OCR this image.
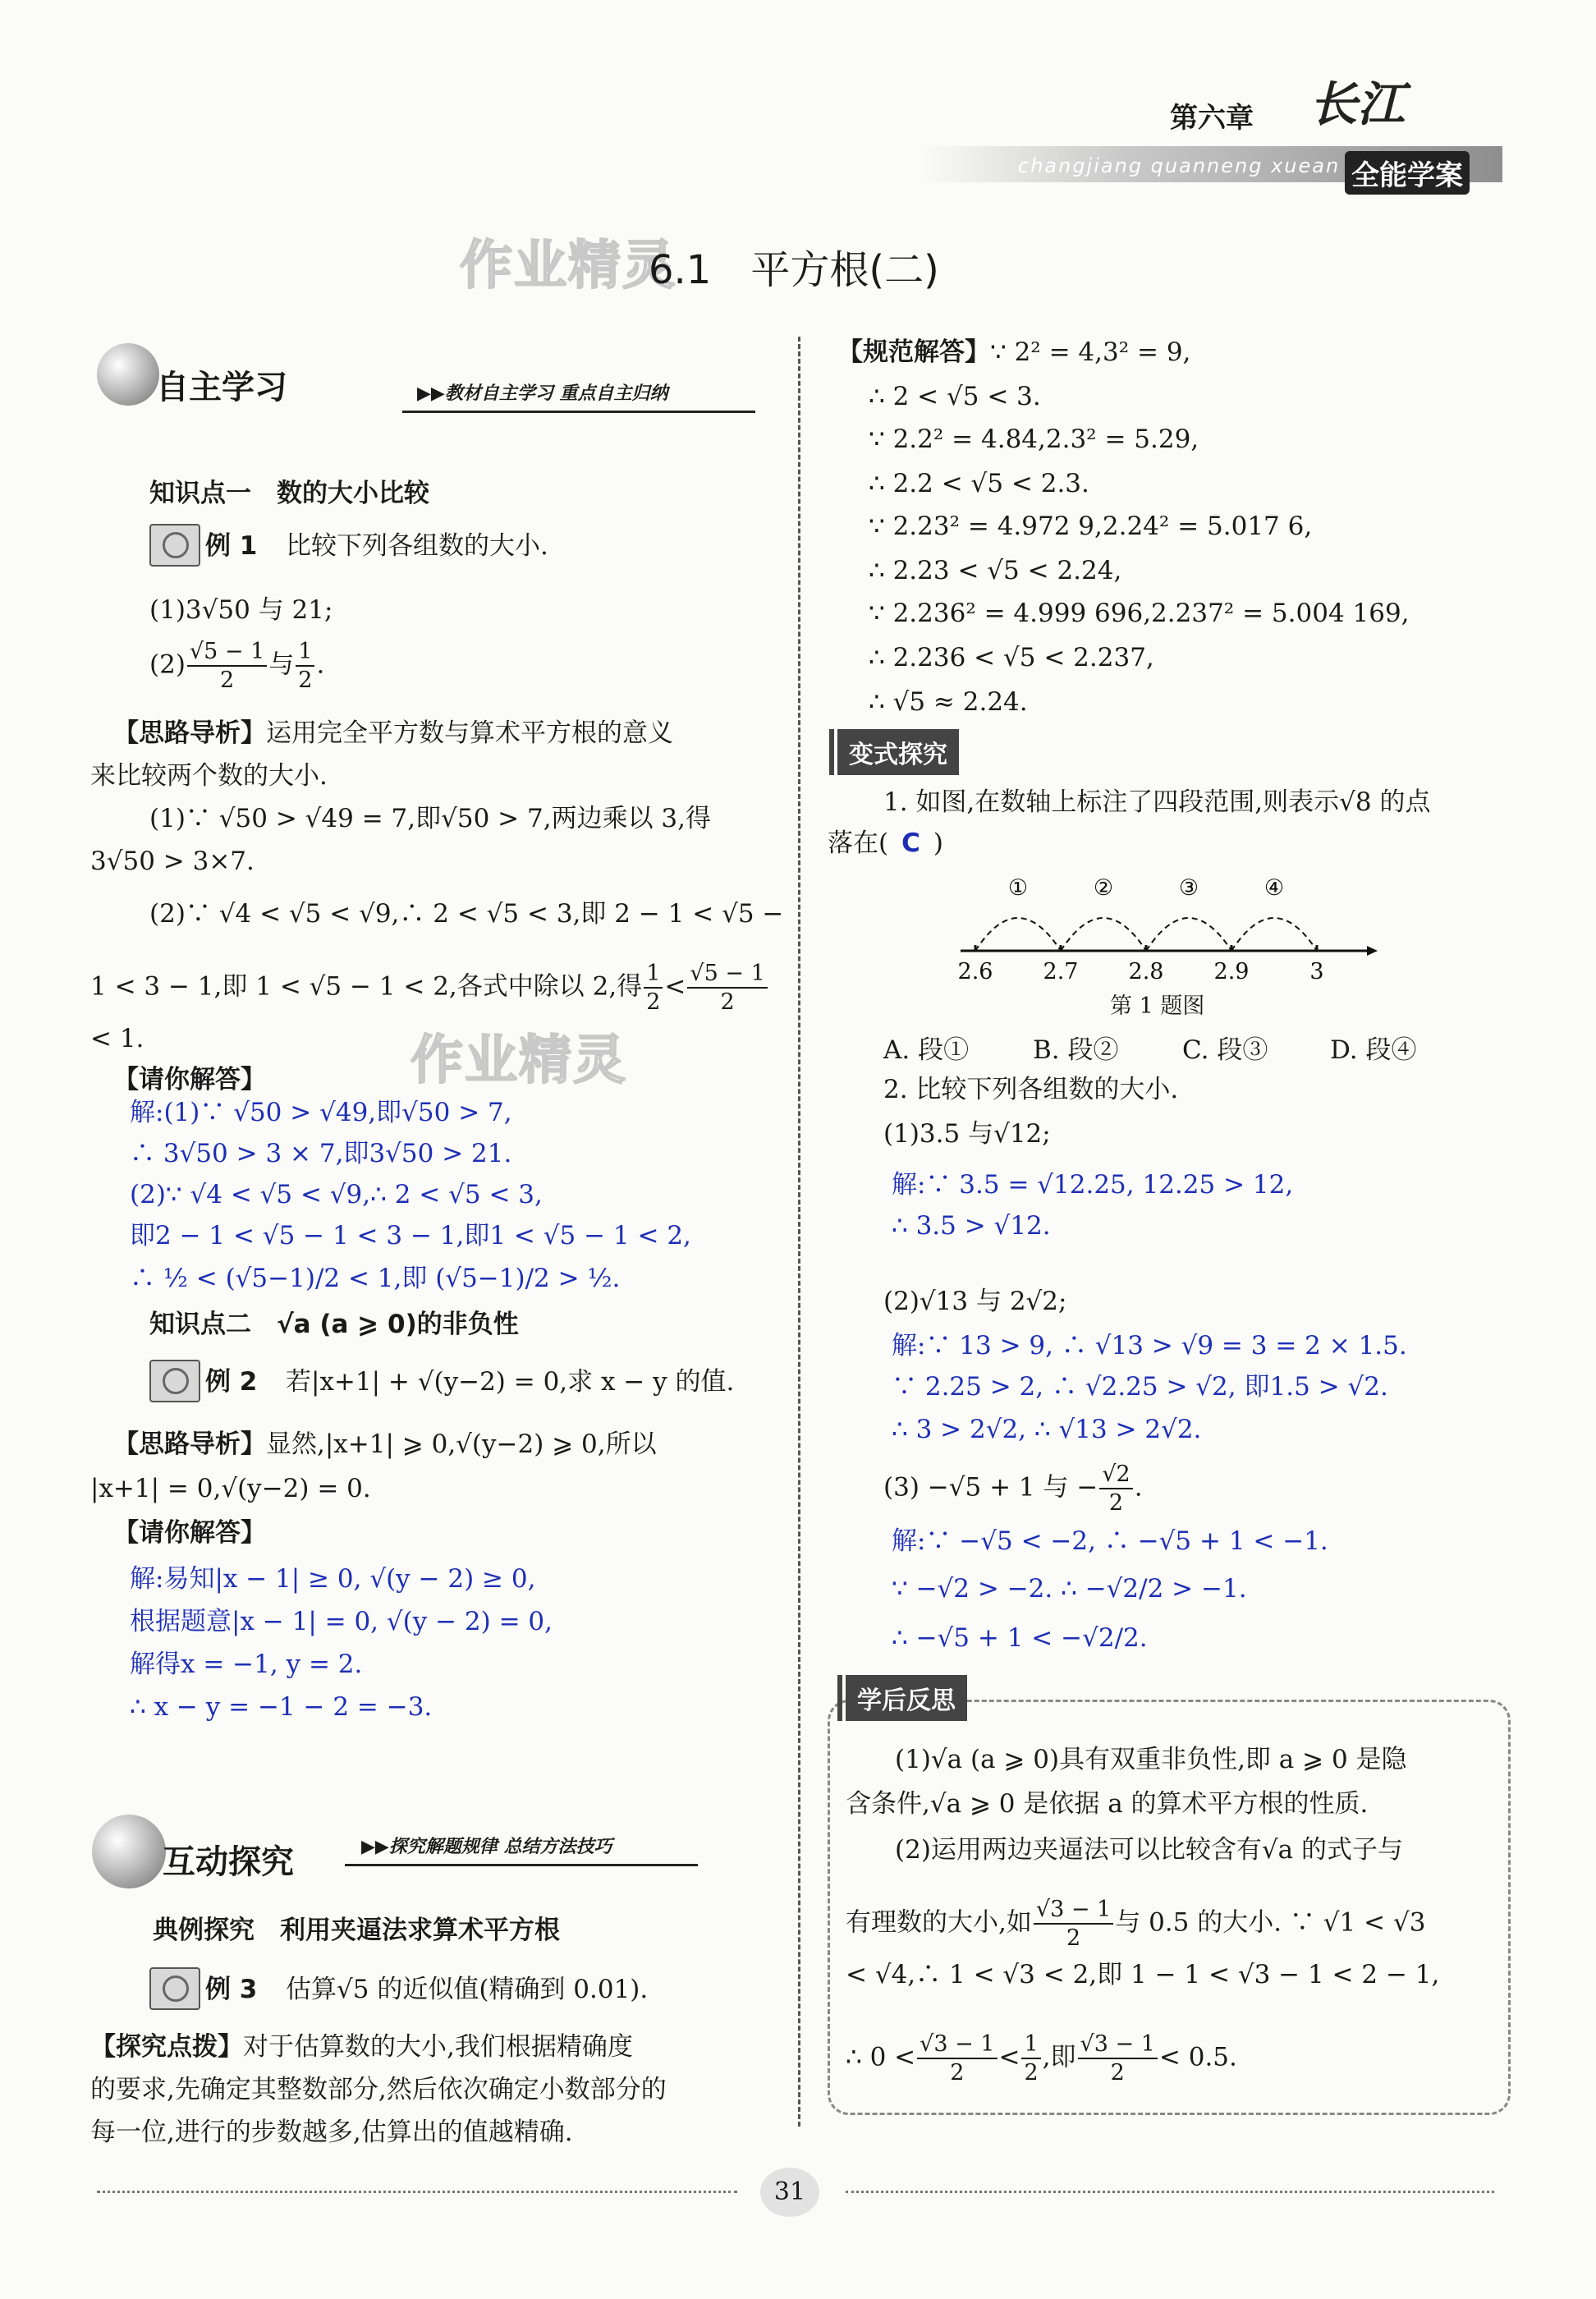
第六章
changjiang quanneng xuean
长江
全能学案
作业精灵
6.1　平方根(二)
自主学习	▶▶教材自主学习 重点自主归纳
知识点一　数的大小比较
例 1 比较下列各组数的大小.
(1)3√50 与 21;
$(2) \frac{√5 - 1}{2}$ 与 $\frac{1}{2}$ .
【思路导析】运用完全平方数与算术平方根的意义
来比较两个数的大小.
(1)∵ √50 > √49 = 7,即√50 > 7,两边乘以 3,得
3√50 > 3×7.
(2)∵ √4 < √5 < √9,∴ 2 < √5 < 3,即 2 − 1 < √5 −
1 < 3 − 1,即 1 < √5 − 1 < 2,各式中除以 2,得 $\frac{1}{2} < \frac{√5 - 1}{2}$
< 1.	作业精灵
【请你解答】
解:(1)∵ √50 > √49,即√50 > 7,
∴ 3√50 > 3 × 7,即3√50 > 21.
(2)∵ √4 < √5 < √9,∴ 2 < √5 < 3,
即2 − 1 < √5 − 1 < 3 − 1,即1 < √5 − 1 < 2,
∴ ½ < (√5−1)/2 < 1,即 (√5−1)/2 > ½.
知识点二　√a (a ⩾ 0)的非负性
例 2 若|x+1| + √(y−2) = 0,求 x − y 的值.
【思路导析】显然,|x+1| ⩾ 0,√(y−2) ⩾ 0,所以
|x+1| = 0,√(y−2) = 0.
【请你解答】
解:易知|x − 1| ≥ 0, √(y − 2) ≥ 0,
根据题意|x − 1| = 0, √(y − 2) = 0,
解得x = −1, y = 2.
∴ x − y = −1 − 2 = −3.
互动探究	▶▶探究解题规律 总结方法技巧
典例探究　利用夹逼法求算术平方根
例 3 估算√5 的近似值(精确到 0.01).
【探究点拨】对于估算数的大小,我们根据精确度
的要求,先确定其整数部分,然后依次确定小数部分的
每一位,进行的步数越多,估算出的值越精确.
【规范解答】∵ 2² = 4,3² = 9,
∴ 2 < √5 < 3.
∵ 2.2² = 4.84,2.3² = 5.29,
∴ 2.2 < √5 < 2.3.
∵ 2.23² = 4.972 9,2.24² = 5.017 6,
∴ 2.23 < √5 < 2.24,
∵ 2.236² = 4.999 696,2.237² = 5.004 169,
∴ 2.236 < √5 < 2.237,
∴ √5 ≈ 2.24.
变式探究
1. 如图,在数轴上标注了四段范围,则表示√8 的点
落在( C )
2.6 2.7 2.8 2.9	3
①	②	③	④
第 1 题图
A. 段①	B. 段②	C. 段③ D. 段④
2. 比较下列各组数的大小.
(1)3.5 与√12;
解:∵ 3.5 = √12.25, 12.25 > 12,
∴ 3.5 > √12.
(2)√13 与 2√2;
解:∵ 13 > 9, ∴ √13 > √9 = 3 = 2 × 1.5.
∵ 2.25 > 2, ∴ √2.25 > √2, 即1.5 > √2.
∴ 3 > 2√2, ∴ √13 > 2√2.
(3) −√5 + 1 与 − $\frac{√2}{2}$ .
解:∵ −√5 < −2, ∴ −√5 + 1 < −1.
∵ −√2 > −2. ∴ −√2/2 > −1.
∴ −√5 + 1 < −√2/2.
学后反思
(1)√a (a ⩾ 0)具有双重非负性,即 a ⩾ 0 是隐
含条件,√a ⩾ 0 是依据 a 的算术平方根的性质.
(2)运用两边夹逼法可以比较含有√a 的式子与
有理数的大小,如 $\frac{√3 - 1}{2}$ 与 0.5 的大小. ∵ √1 < √3
< √4,∴ 1 < √3 < 2,即 1 − 1 < √3 − 1 < 2 − 1,
∴ $0 < \frac{√3 - 1}{2} < \frac{1}{2}$ ,即 $\frac{√3 - 1}{2} < 0.5$.
31
